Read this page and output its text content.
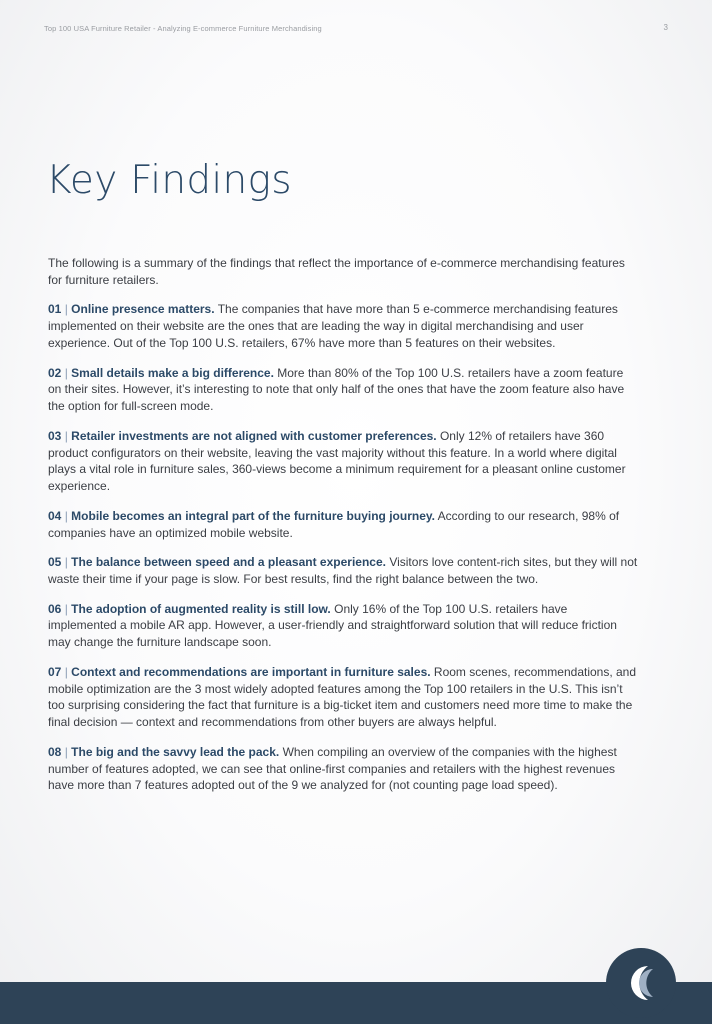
Top 100 USA Furniture Retailer - Analyzing E-commerce Furniture Merchandising	3
Key Findings

The following is a summary of the findings that reflect the importance of e-commerce merchandising features for furniture retailers.

01 | Online presence matters. The companies that have more than 5 e-commerce merchandising features implemented on their website are the ones that are leading the way in digital merchandising and user experience. Out of the Top 100 U.S. retailers, 67% have more than 5 features on their websites.

02 | Small details make a big difference. More than 80% of the Top 100 U.S. retailers have a zoom feature on their sites. However, it’s interesting to note that only half of the ones that have the zoom feature also have the option for full-screen mode.

03 | Retailer investments are not aligned with customer preferences. Only 12% of retailers have 360 product configurators on their website, leaving the vast majority without this feature. In a world where digital plays a vital role in furniture sales, 360-views become a minimum requirement for a pleasant online customer experience.

04 | Mobile becomes an integral part of the furniture buying journey. According to our research, 98% of companies have an optimized mobile website.

05 | The balance between speed and a pleasant experience. Visitors love content-rich sites, but they will not waste their time if your page is slow. For best results, find the right balance between the two.

06 | The adoption of augmented reality is still low. Only 16% of the Top 100 U.S. retailers have implemented a mobile AR app. However, a user-friendly and straightforward solution that will reduce friction may change the furniture landscape soon.

07 | Context and recommendations are important in furniture sales. Room scenes, recommendations, and mobile optimization are the 3 most widely adopted features among the Top 100 retailers in the U.S. This isn’t too surprising considering the fact that furniture is a big-ticket item and customers need more time to make the final decision — context and recommendations from other buyers are always helpful.

08 | The big and the savvy lead the pack. When compiling an overview of the companies with the highest number of features adopted, we can see that online-first companies and retailers with the highest revenues have more than 7 features adopted out of the 9 we analyzed for (not counting page load speed).
